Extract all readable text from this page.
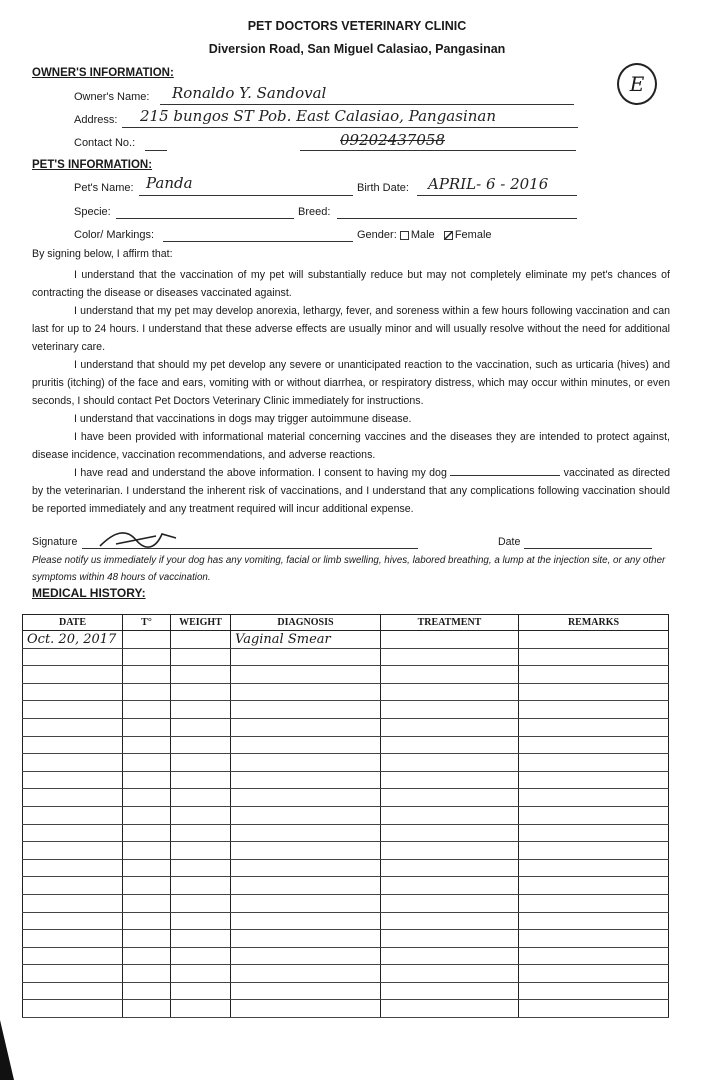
PET DOCTORS VETERINARY CLINIC
Diversion Road, San Miguel Calasiao, Pangasinan
E
OWNER'S INFORMATION:
Owner's Name: Ronaldo Y. Sandoval
Address: 215 bungos ST Pob. East Calasiao, Pangasinan
Contact No.:	09202437058
PET'S INFORMATION:
Pet's Name: Panda	Birth Date: APRIL- 6 - 2016
Specie:	Breed:
Color/ Markings:	Gender: Male Female
By signing below, I affirm that:

I understand that the vaccination of my pet will substantially reduce but may not completely eliminate my pet's chances of contracting the disease or diseases vaccinated against.

I understand that my pet may develop anorexia, lethargy, fever, and soreness within a few hours following vaccination and can last for up to 24 hours. I understand that these adverse effects are usually minor and will usually resolve without the need for additional veterinary care.

I understand that should my pet develop any severe or unanticipated reaction to the vaccination, such as urticaria (hives) and pruritis (itching) of the face and ears, vomiting with or without diarrhea, or respiratory distress, which may occur within minutes, or even seconds, I should contact Pet Doctors Veterinary Clinic immediately for instructions.

I understand that vaccinations in dogs may trigger autoimmune disease.

I have been provided with informational material concerning vaccines and the diseases they are intended to protect against, disease incidence, vaccination recommendations, and adverse reactions.

I have read and understand the above information. I consent to having my dog	vaccinated as directed by the veterinarian. I understand the inherent risk of vaccinations, and I understand that any complications following vaccination should be reported immediately and any treatment required will incur additional expense.

Signature	Date
Please notify us immediately if your dog has any vomiting, facial or limb swelling, hives, labored breathing, a lump at the injection site, or any other symptoms within 48 hours of vaccination.
MEDICAL HISTORY:
DATE	T°	WEIGHT	DIAGNOSIS	TREATMENT	REMARKS
Oct. 20, 2017			Vaginal Smear		
